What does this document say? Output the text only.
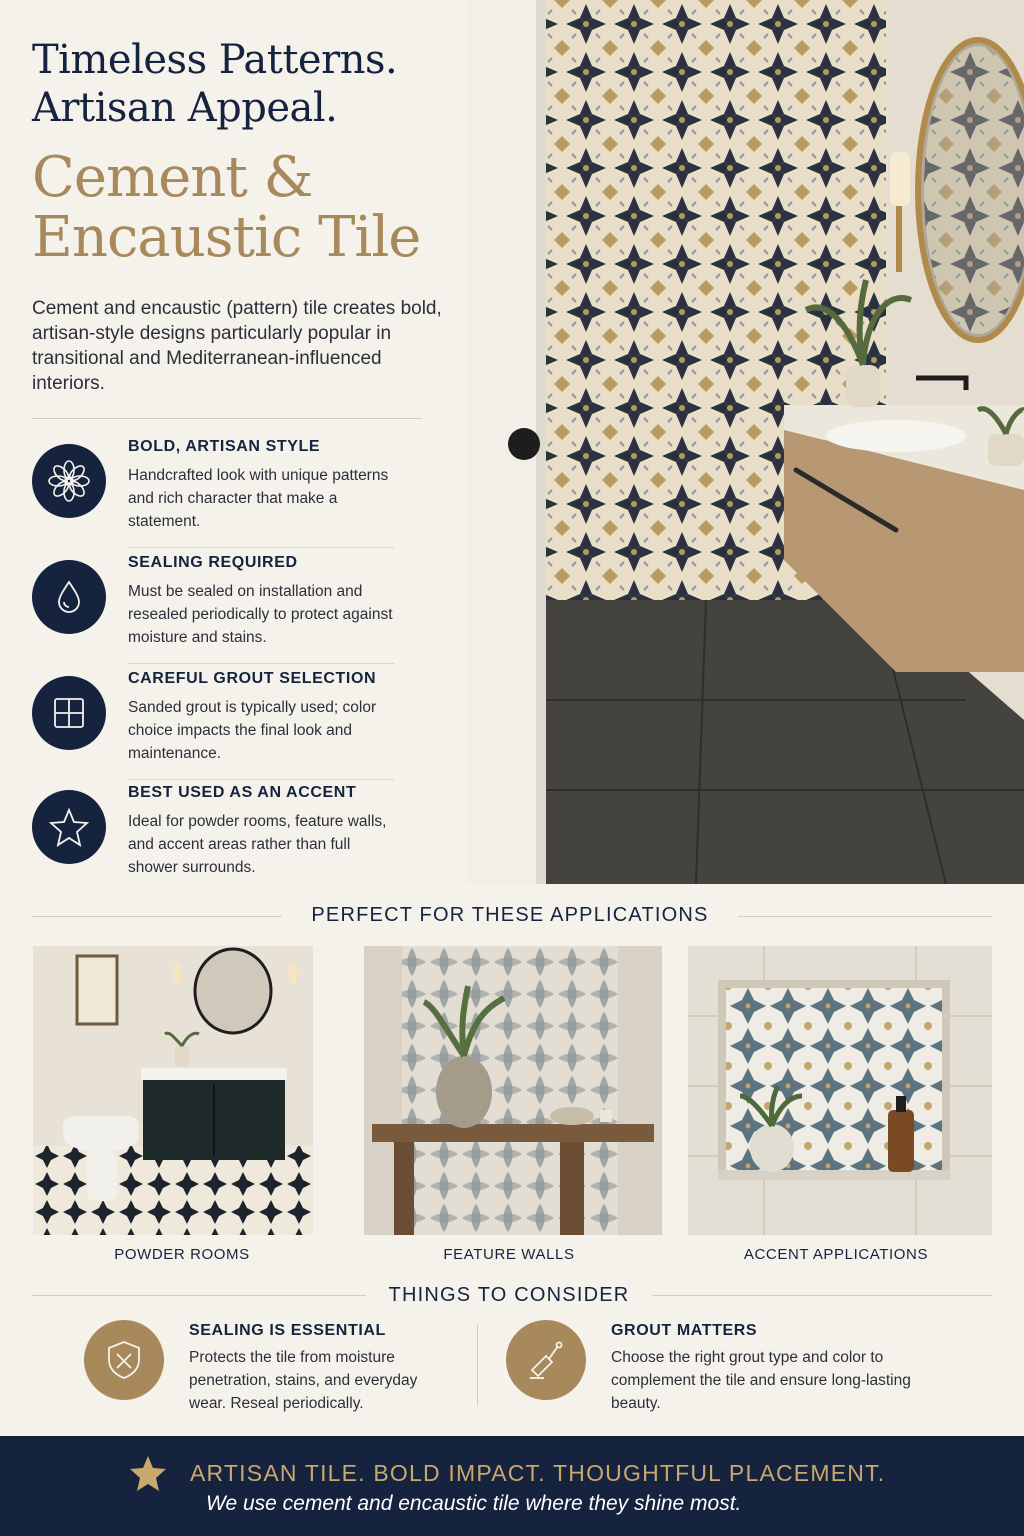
Timeless Patterns.
Artisan Appeal.
Cement &
Encaustic Tile
Cement and encaustic (pattern) tile creates bold, artisan-style designs particularly popular in transitional and Mediterranean-influenced interiors.
BOLD, ARTISAN STYLE
Handcrafted look with unique patterns and rich character that make a statement.
SEALING REQUIRED
Must be sealed on installation and resealed periodically to protect against moisture and stains.
CAREFUL GROUT SELECTION
Sanded grout is typically used; color choice impacts the final look and maintenance.
BEST USED AS AN ACCENT
Ideal for powder rooms, feature walls, and accent areas rather than full shower surrounds.
PERFECT FOR THESE APPLICATIONS
POWDER ROOMS	FEATURE WALLS	ACCENT APPLICATIONS
THINGS TO CONSIDER
SEALING IS ESSENTIAL
Protects the tile from moisture penetration, stains, and everyday wear. Reseal periodically.
GROUT MATTERS
Choose the right grout type and color to complement the tile and ensure long-lasting beauty.
ARTISAN TILE. BOLD IMPACT. THOUGHTFUL PLACEMENT.
We use cement and encaustic tile where they shine most.
